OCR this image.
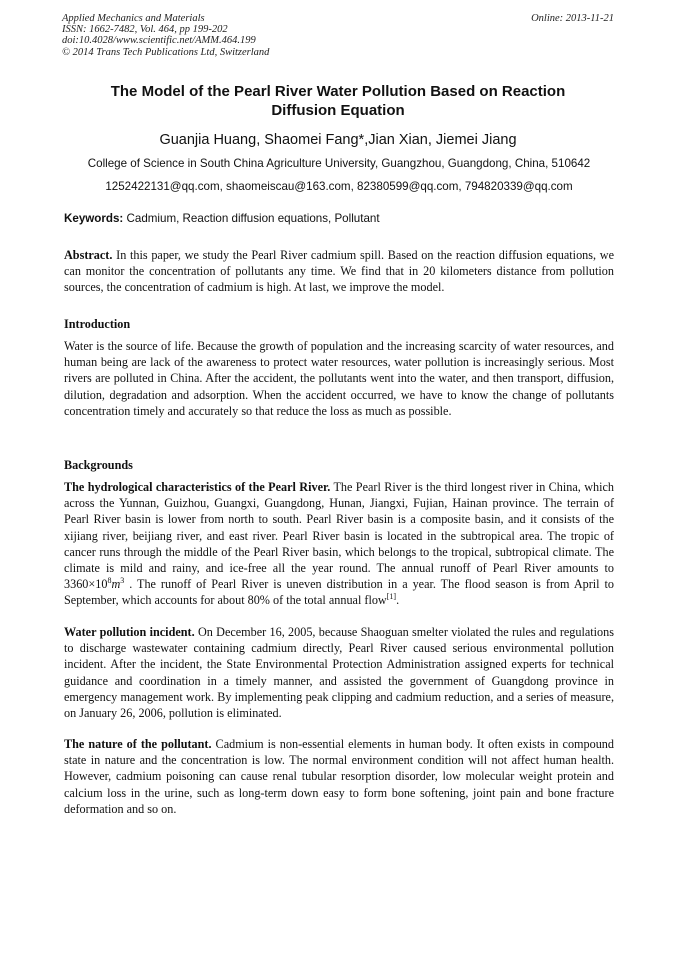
Applied Mechanics and Materials
ISSN: 1662-7482, Vol. 464, pp 199-202
doi:10.4028/www.scientific.net/AMM.464.199
© 2014 Trans Tech Publications Ltd, Switzerland
Online: 2013-11-21
The Model of the Pearl River Water Pollution Based on Reaction
Diffusion Equation
Guanjia Huang, Shaomei Fang*,Jian Xian, Jiemei Jiang
College of Science in South China Agriculture University, Guangzhou, Guangdong, China, 510642
1252422131@qq.com, shaomeiscau@163.com, 82380599@qq.com, 794820339@qq.com
Keywords: Cadmium, Reaction diffusion equations, Pollutant
Abstract. In this paper, we study the Pearl River cadmium spill. Based on the reaction diffusion equations, we can monitor the concentration of pollutants any time. We find that in 20 kilometers distance from pollution sources, the concentration of cadmium is high. At last, we improve the model.
Introduction
Water is the source of life. Because the growth of population and the increasing scarcity of water resources, and human being are lack of the awareness to protect water resources, water pollution is increasingly serious. Most rivers are polluted in China. After the accident, the pollutants went into the water, and then transport, diffusion, dilution, degradation and adsorption. When the accident occurred, we have to know the change of pollutants concentration timely and accurately so that reduce the loss as much as possible.
Backgrounds
The hydrological characteristics of the Pearl River. The Pearl River is the third longest river in China, which across the Yunnan, Guizhou, Guangxi, Guangdong, Hunan, Jiangxi, Fujian, Hainan province. The terrain of Pearl River basin is lower from north to south. Pearl River basin is a composite basin, and it consists of the xijiang river, beijiang river, and east river. Pearl River basin is located in the subtropical area. The tropic of cancer runs through the middle of the Pearl River basin, which belongs to the tropical, subtropical climate. The climate is mild and rainy, and ice-free all the year round. The annual runoff of Pearl River amounts to $3360\times 10^8m^3$ . The runoff of Pearl River is uneven distribution in a year. The flood season is from April to September, which accounts for about 80% of the total annual flow[1].
Water pollution incident. On December 16, 2005, because Shaoguan smelter violated the rules and regulations to discharge wastewater containing cadmium directly, Pearl River caused serious environmental pollution incident. After the incident, the State Environmental Protection Administration assigned experts for technical guidance and coordination in a timely manner, and assisted the government of Guangdong province in emergency management work. By implementing peak clipping and cadmium reduction, and a series of measure, on January 26, 2006, pollution is eliminated.
The nature of the pollutant. Cadmium is non-essential elements in human body. It often exists in compound state in nature and the concentration is low. The normal environment condition will not affect human health. However, cadmium poisoning can cause renal tubular resorption disorder, low molecular weight protein and calcium loss in the urine, such as long-term down easy to form bone softening, joint pain and bone fracture deformation and so on.
